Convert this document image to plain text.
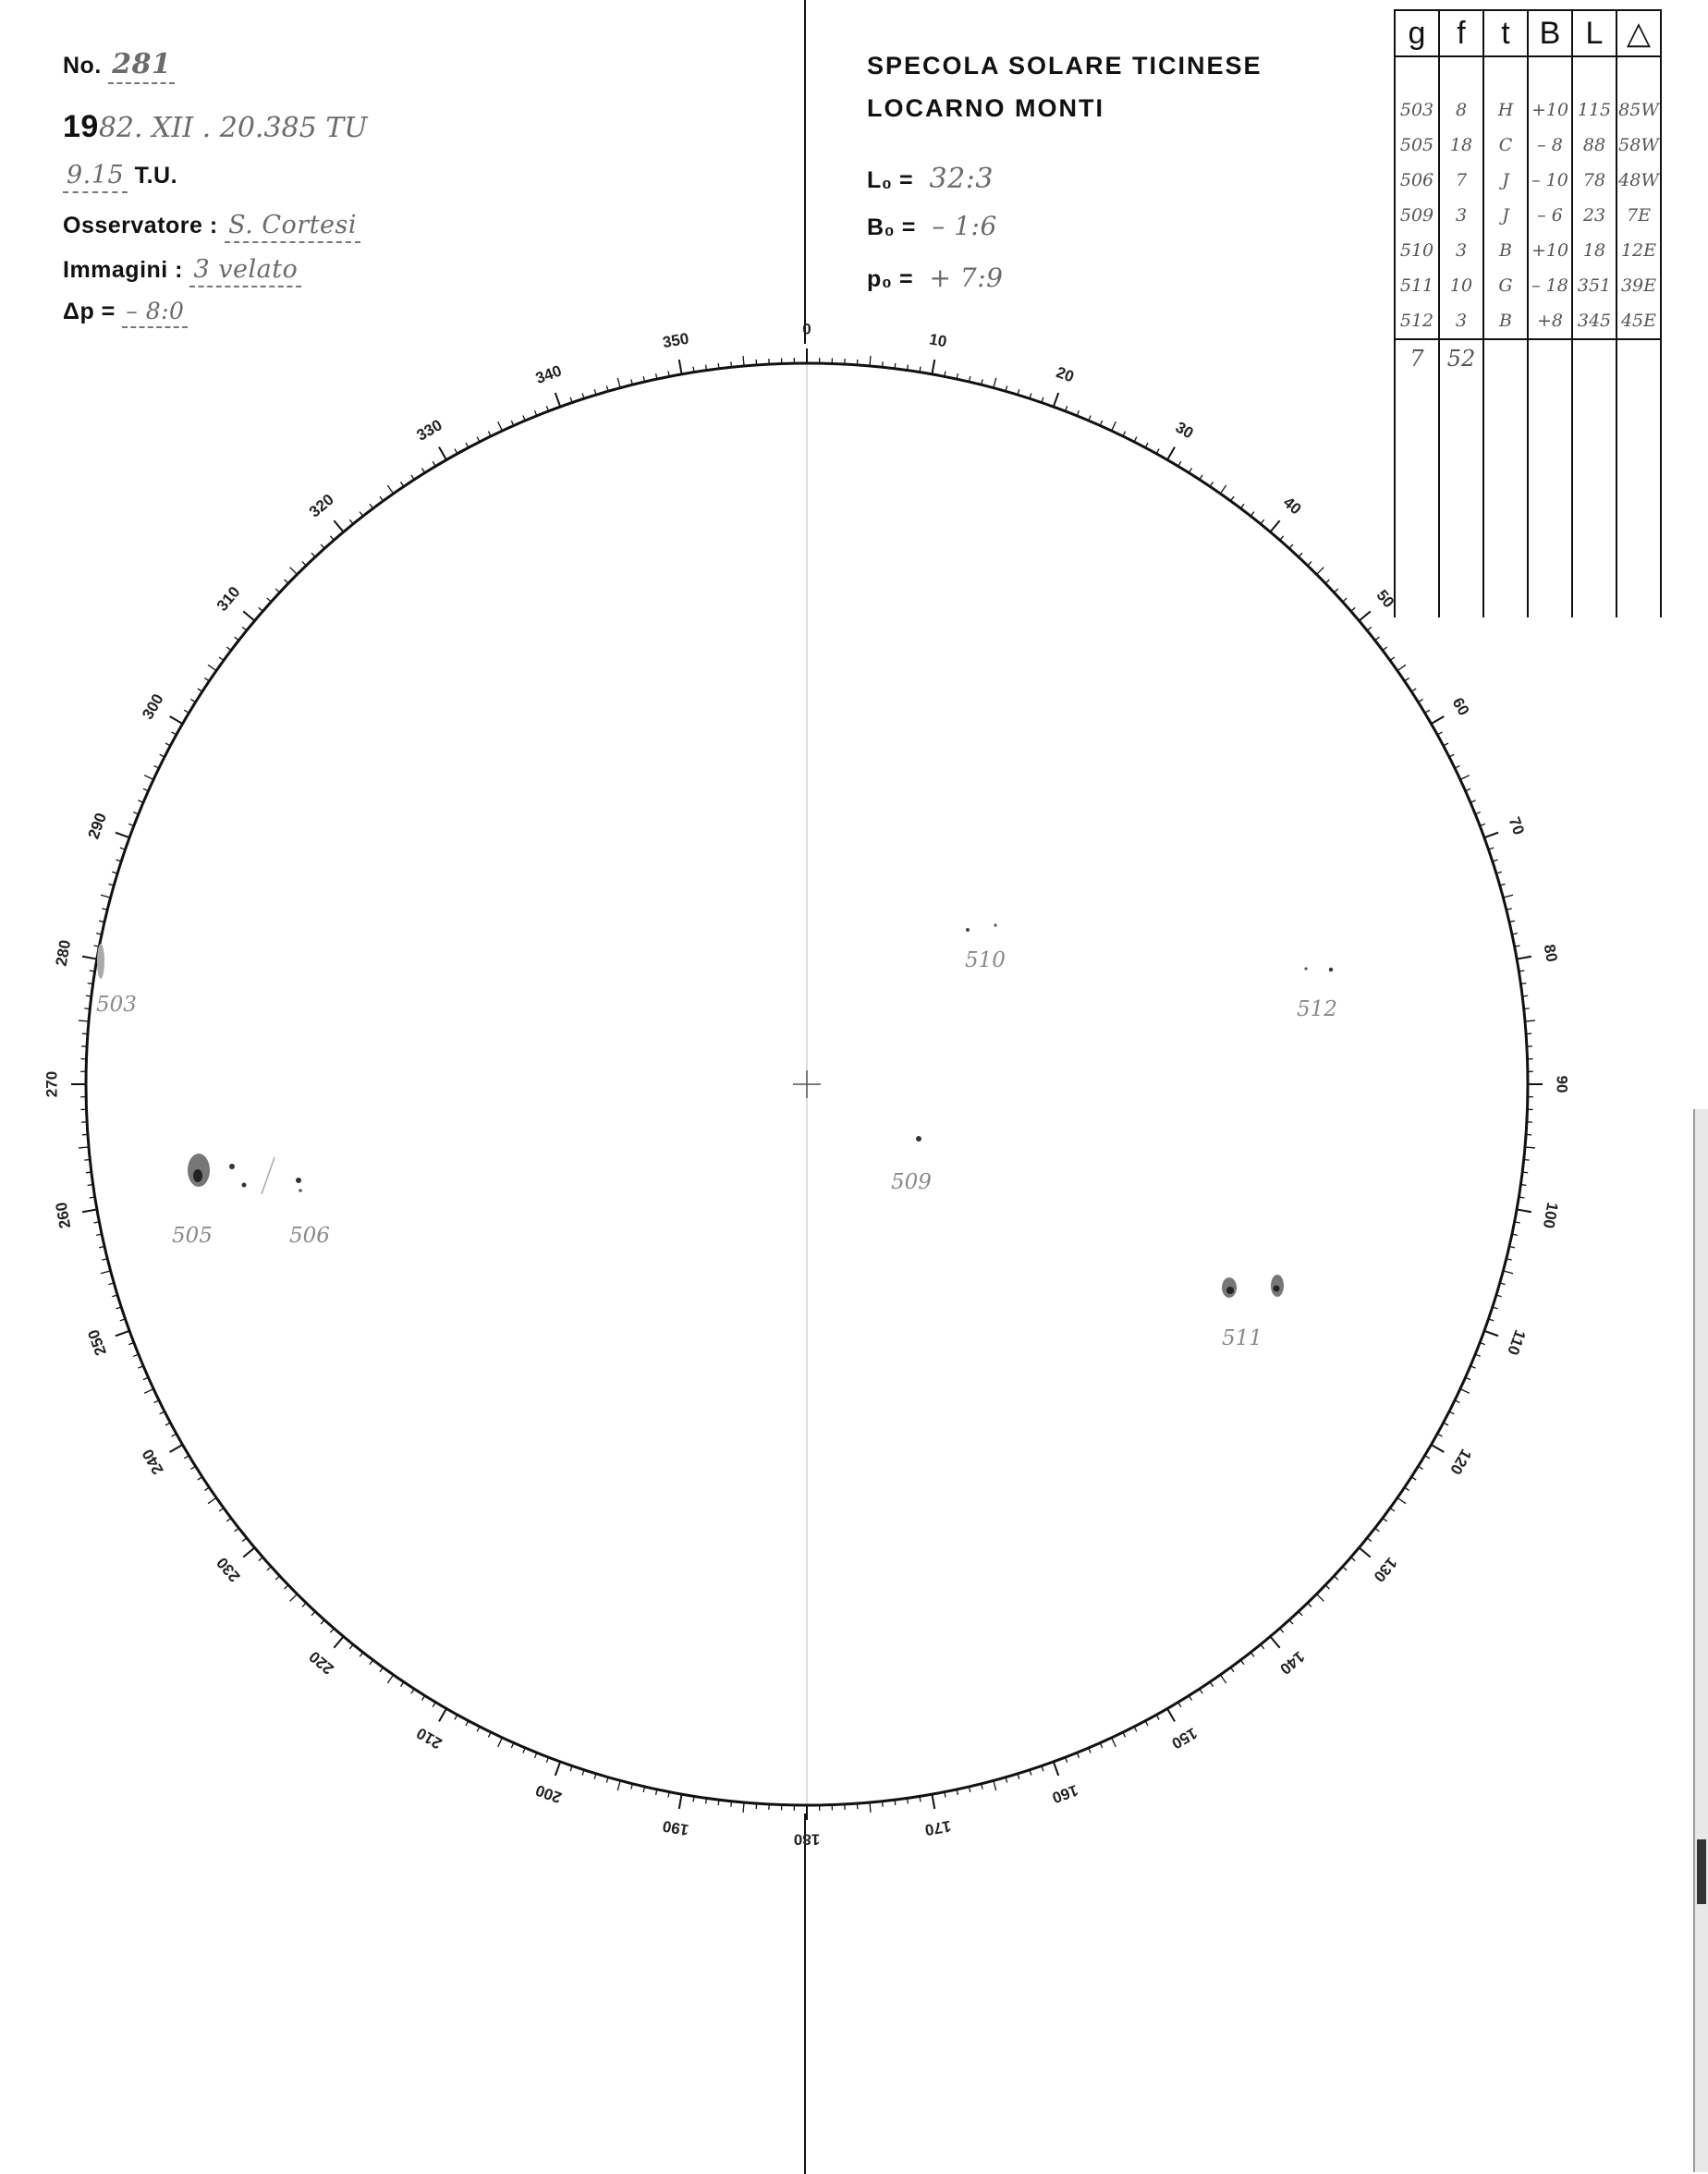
No. 281
1982. XII . 20.385 TU
9.15 T.U.
Osservatore : S. Cortesi
Immagini : 3 velato
Δp = – 8:0
SPECOLA SOLARE TICINESE
LOCARNO MONTI
L₀ = 32:3
B₀ = – 1:6
p₀ = + 7:9
g	f	t	B	L	△

503	8	H	+10	115	85W
505	18	C	– 8	88	58W
506	7	J	– 10	78	48W
509	3	J	– 6	23	7E
510	3	B	+10	18	12E
511	10	G	– 18	351	39E
512	3	B	+8	345	45E
7	52				

0
10
20
30
40
50
60
70
80
90
100
110
120
130
140
150
160
170
180
190
200
210
220
230
240
250
260
270
280
290
300
310
320
330
340
350
503
505	506
509
510
512
511
